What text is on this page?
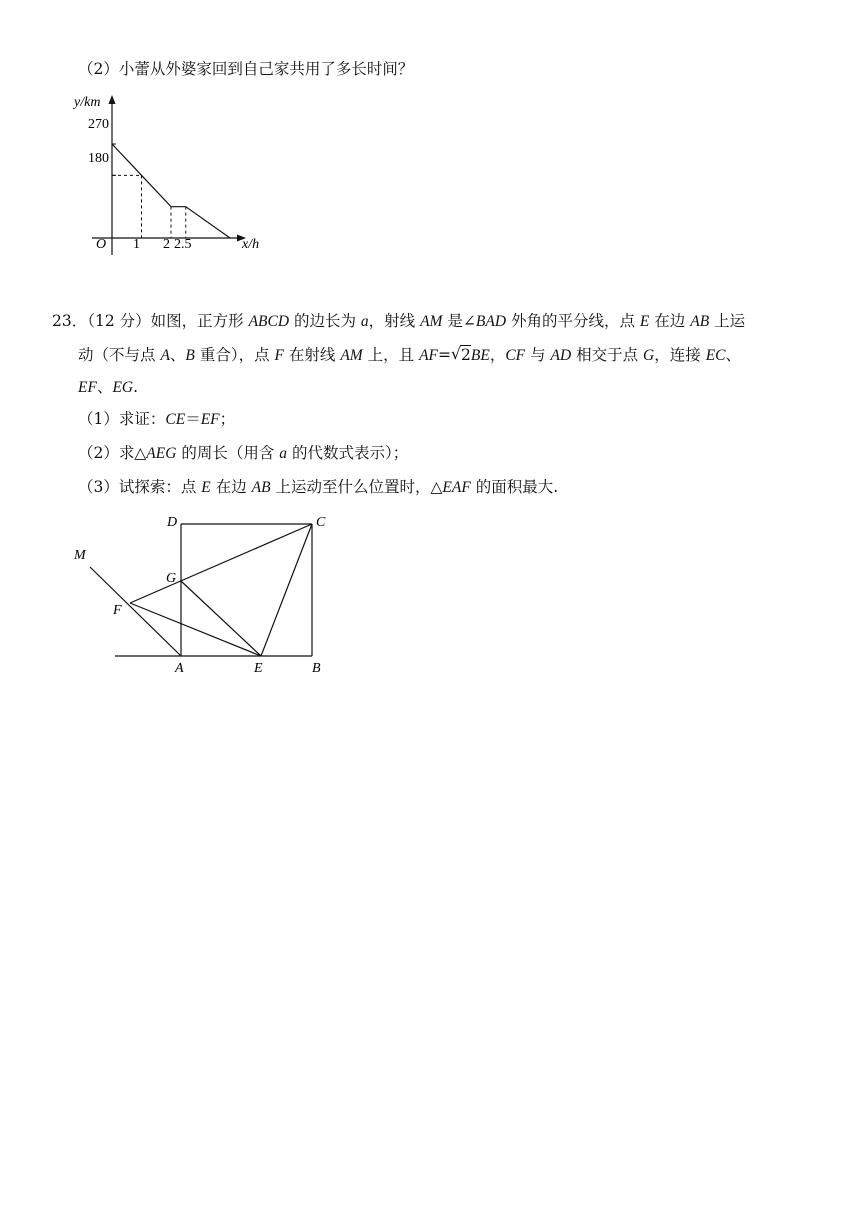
（2）小蕾从外婆家回到自己家共用了多长时间？
y/km
x/h
O
270
180
1 2 2.5
23．（12 分）如图，正方形 ABCD 的边长为 a，射线 AM 是∠BAD 外角的平分线，点 E 在边 AB 上运
动（不与点 A、B 重合），点 F 在射线 AM 上，且 AF=√ 2BE，CF 与 AD 相交于点 G，连接 EC、
EF、EG.
（1）求证：CE＝EF；
（2）求△AEG 的周长（用含 a 的代数式表示）；
（3）试探索：点 E 在边 AB 上运动至什么位置时，△EAF 的面积最大.
D	C
M
G
F
A	E	B
